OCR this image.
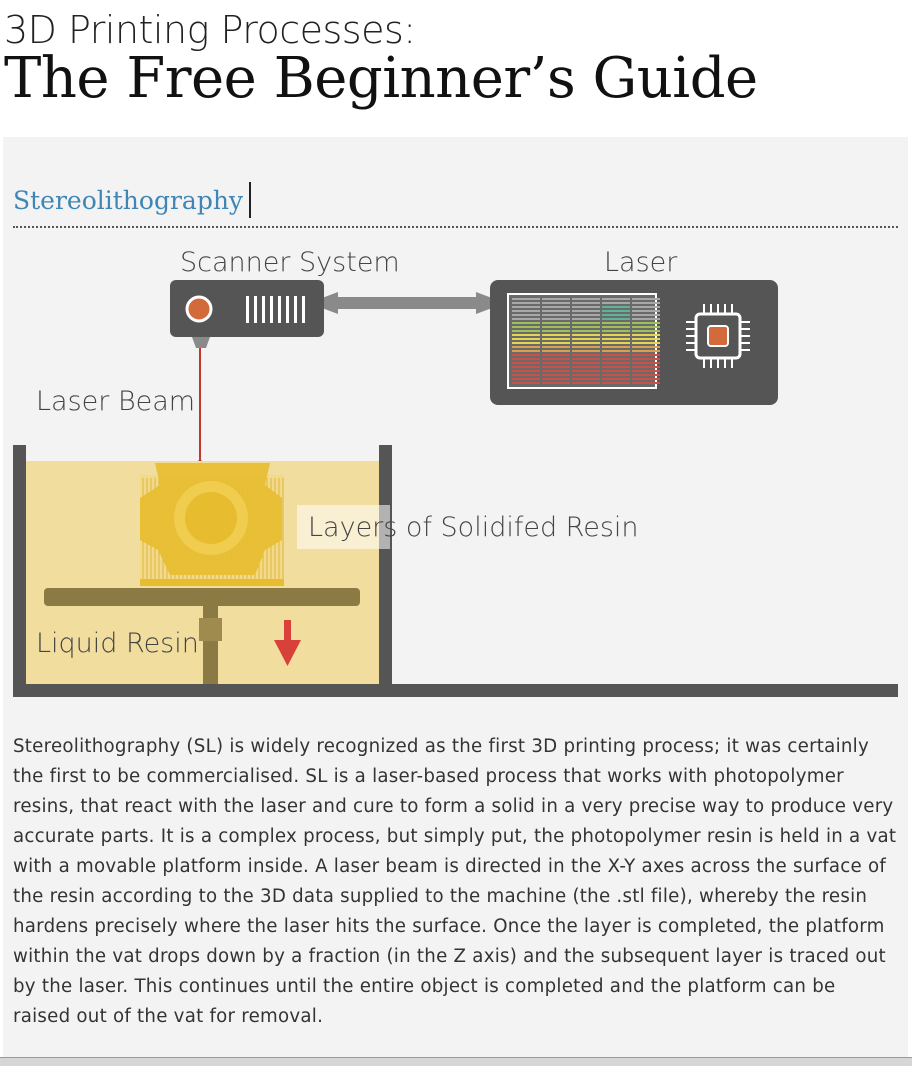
3D Printing Processes:
The Free Beginner’s Guide
Stereolithography
Scanner System	Laser
Laser Beam
Layers of Solidifed Resin
Liquid Resin

Stereolithography (SL) is widely recognized as the first 3D printing process; it was certainly the first to be commercialised. SL is a laser-based process that works with photopolymer resins, that react with the laser and cure to form a solid in a very precise way to produce very accurate parts. It is a complex process, but simply put, the photopolymer resin is held in a vat with a movable platform inside. A laser beam is directed in the X-Y axes across the surface of the resin according to the 3D data supplied to the machine (the .stl file), whereby the resin hardens precisely where the laser hits the surface. Once the layer is completed, the platform within the vat drops down by a fraction (in the Z axis) and the subsequent layer is traced out by the laser. This continues until the entire object is completed and the platform can be raised out of the vat for removal.
